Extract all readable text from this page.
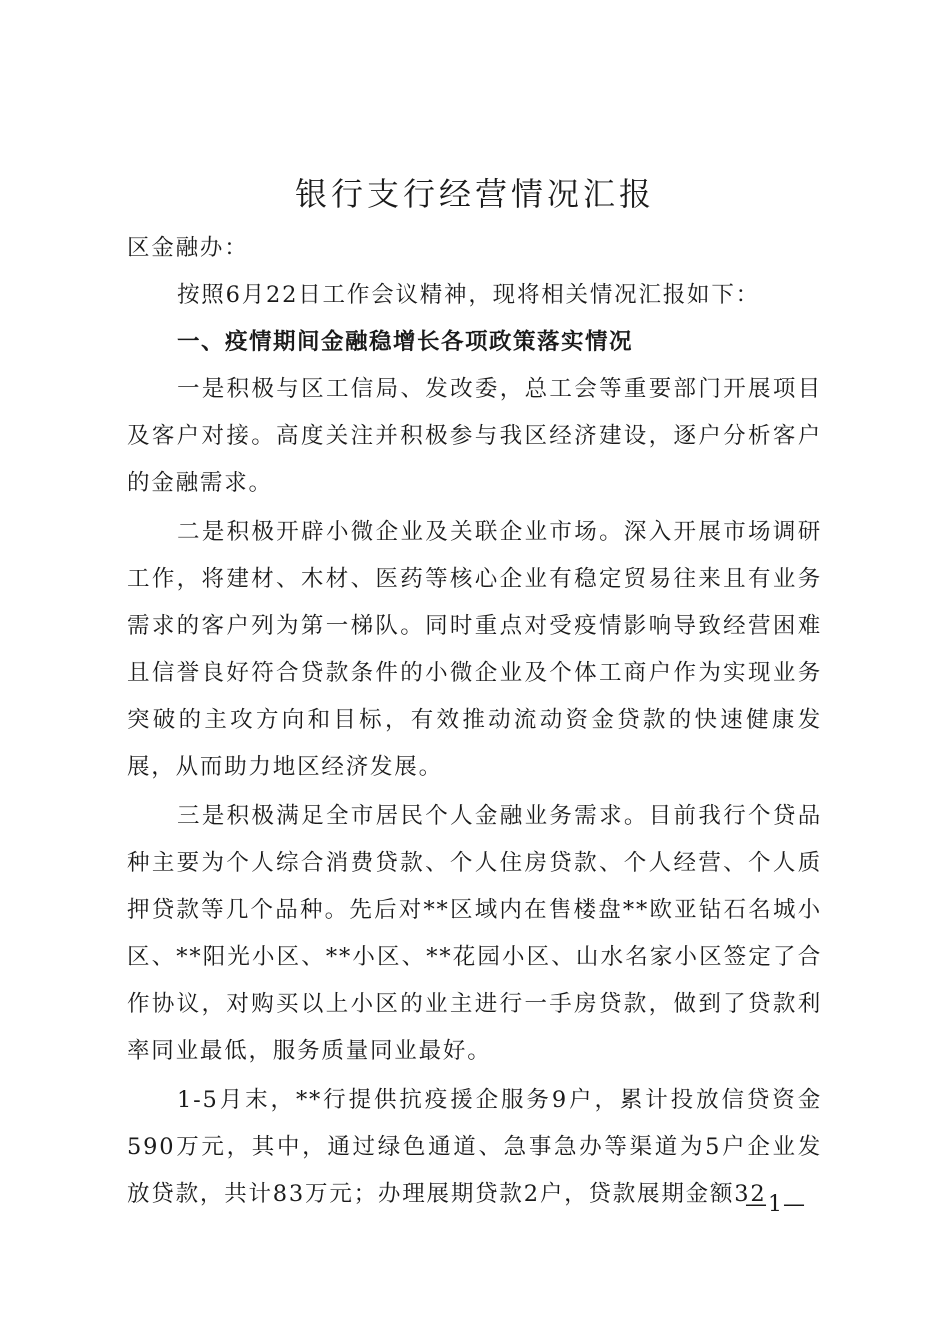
银行支行经营情况汇报

区金融办：

按照6月22日工作会议精神，现将相关情况汇报如下：

一、疫情期间金融稳增长各项政策落实情况

一是积极与区工信局、发改委，总工会等重要部门开展项目及客户对接。高度关注并积极参与我区经济建设，逐户分析客户的金融需求。

二是积极开辟小微企业及关联企业市场。深入开展市场调研工作，将建材、木材、医药等核心企业有稳定贸易往来且有业务需求的客户列为第一梯队。同时重点对受疫情影响导致经营困难且信誉良好符合贷款条件的小微企业及个体工商户作为实现业务突破的主攻方向和目标，有效推动流动资金贷款的快速健康发展，从而助力地区经济发展。

三是积极满足全市居民个人金融业务需求。目前我行个贷品种主要为个人综合消费贷款、个人住房贷款、个人经营、个人质押贷款等几个品种。先后对**区域内在售楼盘**欧亚钻石名城小区、**阳光小区、**小区、**花园小区、山水名家小区签定了合作协议，对购买以上小区的业主进行一手房贷款，做到了贷款利率同业最低，服务质量同业最好。

1-5月末，**行提供抗疫援企服务9户，累计投放信贷资金590万元，其中，通过绿色通道、急事急办等渠道为5户企业发放贷款，共计83万元；办理展期贷款2户，贷款展期金额32

—1—
